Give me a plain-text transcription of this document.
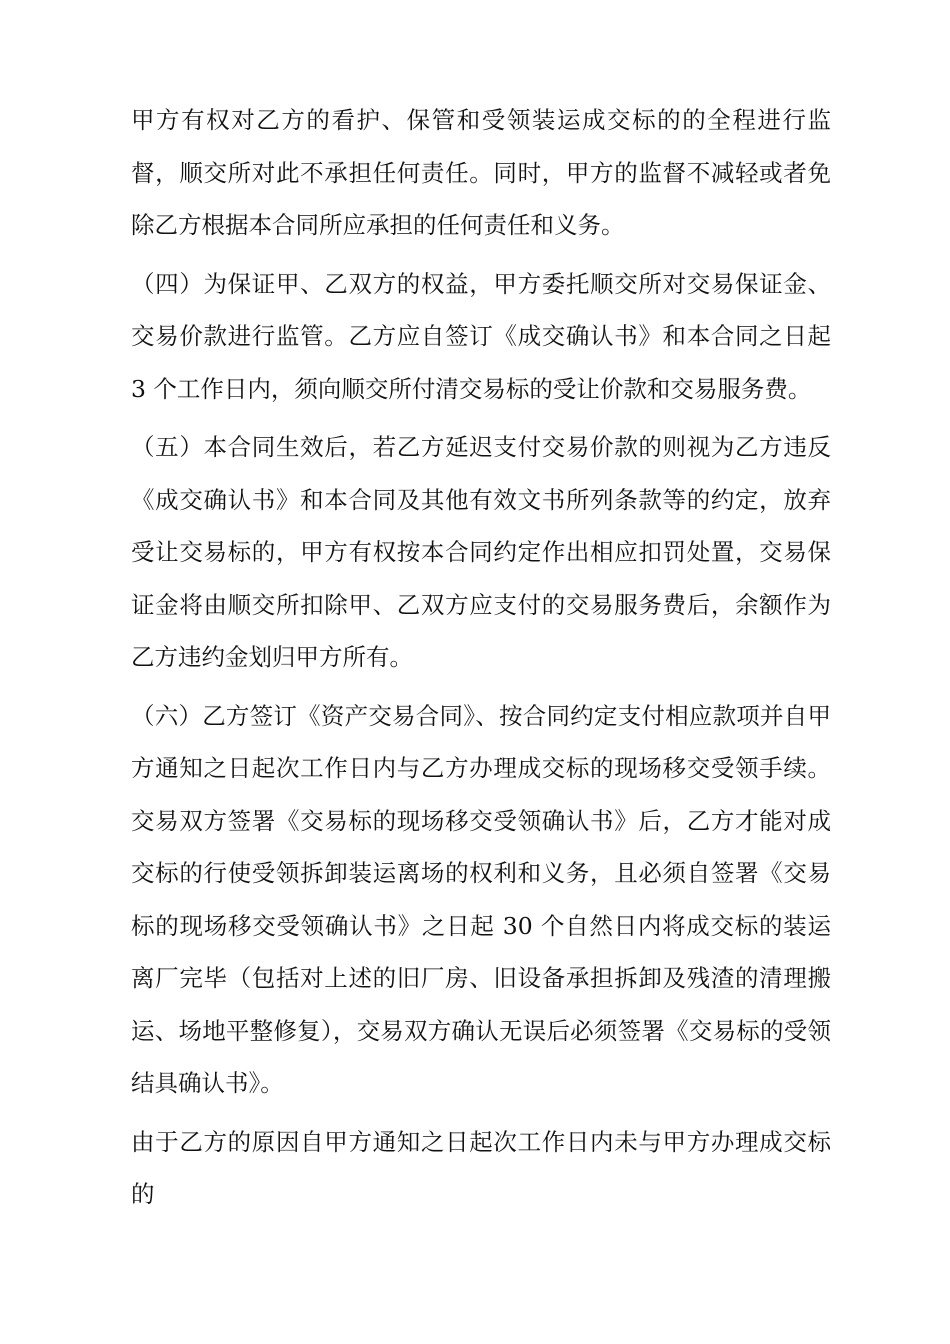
甲方有权对乙方的看护、保管和受领装运成交标的的全程进行监督，顺交所对此不承担任何责任。同时，甲方的监督不减轻或者免除乙方根据本合同所应承担的任何责任和义务。

（四）为保证甲、乙双方的权益，甲方委托顺交所对交易保证金、交易价款进行监管。乙方应自签订《成交确认书》和本合同之日起 3 个工作日内，须向顺交所付清交易标的受让价款和交易服务费。

（五）本合同生效后，若乙方延迟支付交易价款的则视为乙方违反《成交确认书》和本合同及其他有效文书所列条款等的约定，放弃受让交易标的，甲方有权按本合同约定作出相应扣罚处置，交易保证金将由顺交所扣除甲、乙双方应支付的交易服务费后，余额作为乙方违约金划归甲方所有。

（六）乙方签订《资产交易合同》、按合同约定支付相应款项并自甲方通知之日起次工作日内与乙方办理成交标的现场移交受领手续。交易双方签署《交易标的现场移交受领确认书》后，乙方才能对成交标的行使受领拆卸装运离场的权利和义务，且必须自签署《交易标的现场移交受领确认书》之日起 30 个自然日内将成交标的装运离厂完毕（包括对上述的旧厂房、旧设备承担拆卸及残渣的清理搬运、场地平整修复），交易双方确认无误后必须签署《交易标的受领结具确认书》。

由于乙方的原因自甲方通知之日起次工作日内未与甲方办理成交标的
